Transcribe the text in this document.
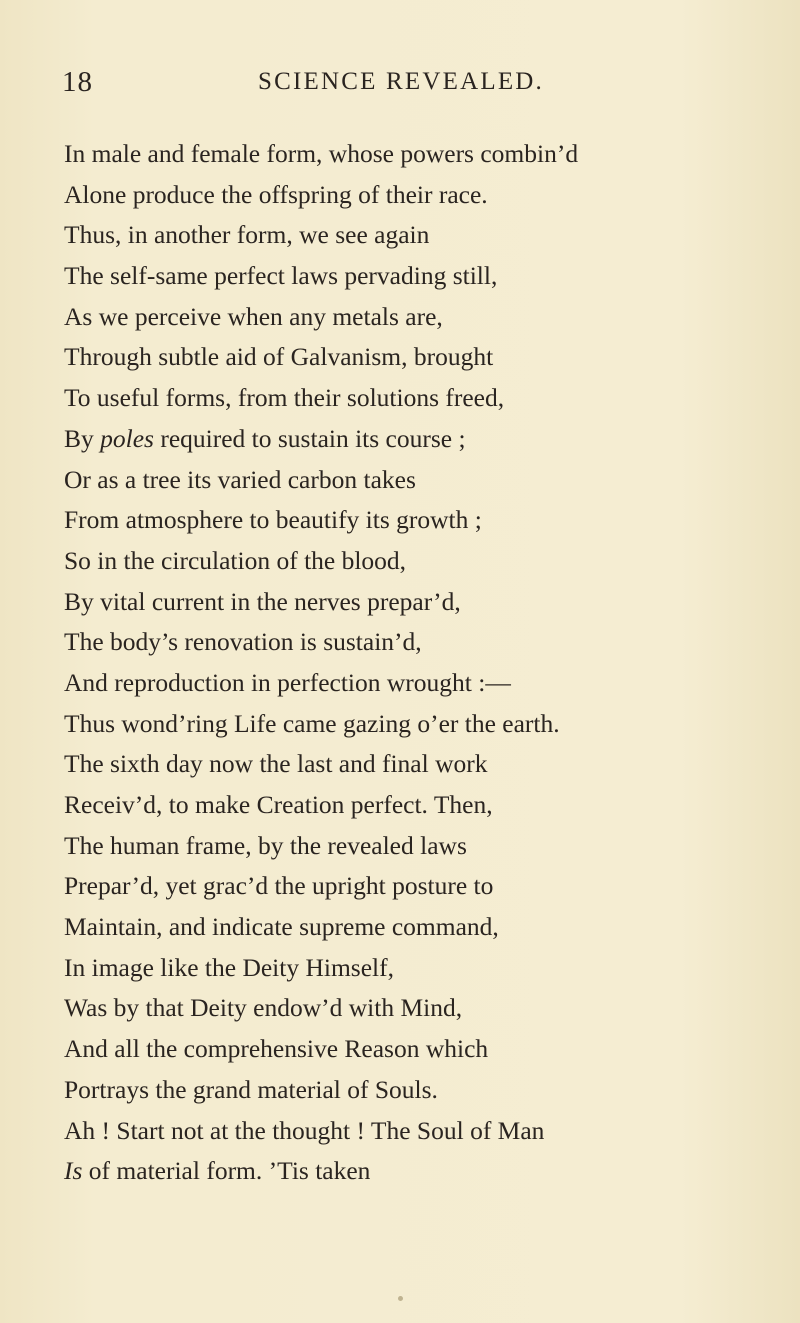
18	SCIENCE REVEALED.
In male and female form, whose powers combin’d
Alone produce the offspring of their race.
Thus, in another form, we see again
The self-same perfect laws pervading still,
As we perceive when any metals are,
Through subtle aid of Galvanism, brought
To useful forms, from their solutions freed,
By poles required to sustain its course ;
Or as a tree its varied carbon takes
From atmosphere to beautify its growth ;
So in the circulation of the blood,
By vital current in the nerves prepar’d,
The body’s renovation is sustain’d,
And reproduction in perfection wrought :—
Thus wond’ring Life came gazing o’er the earth.
The sixth day now the last and final work
Receiv’d, to make Creation perfect. Then,
The human frame, by the revealed laws
Prepar’d, yet grac’d the upright posture to
Maintain, and indicate supreme command,
In image like the Deity Himself,
Was by that Deity endow’d with Mind,
And all the comprehensive Reason which
Portrays the grand material of Souls.
Ah ! Start not at the thought ! The Soul of Man
Is of material form. ’Tis taken
